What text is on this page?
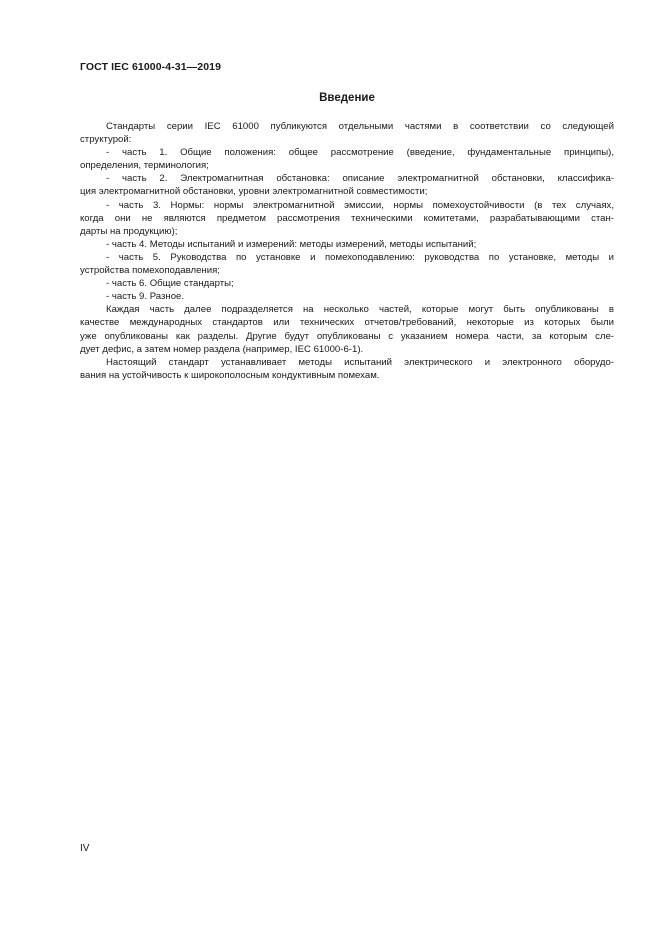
ГОСТ IEC 61000-4-31—2019
Введение

Стандарты серии IEC 61000 публикуются отдельными частями в соответствии со следующей
структурой:

- часть 1. Общие положения: общее рассмотрение (введение, фундаментальные принципы),
определения, терминология;

- часть 2. Электромагнитная обстановка: описание электромагнитной обстановки, классифика-
ция электромагнитной обстановки, уровни электромагнитной совместимости;

- часть 3. Нормы: нормы электромагнитной эмиссии, нормы помехоустойчивости (в тех случаях,
когда они не являются предметом рассмотрения техническими комитетами, разрабатывающими стан-
дарты на продукцию);

- часть 4. Методы испытаний и измерений: методы измерений, методы испытаний;

- часть 5. Руководства по установке и помехоподавлению: руководства по установке, методы и
устройства помехоподавления;

- часть 6. Общие стандарты;

- часть 9. Разное.

Каждая часть далее подразделяется на несколько частей, которые могут быть опубликованы в
качестве международных стандартов или технических отчетов/требований, некоторые из которых были
уже опубликованы как разделы. Другие будут опубликованы с указанием номера части, за которым сле-
дует дефис, а затем номер раздела (например, IEC 61000-6-1).

Настоящий стандарт устанавливает методы испытаний электрического и электронного оборудо-
вания на устойчивость к широкополосным кондуктивным помехам.

IV
